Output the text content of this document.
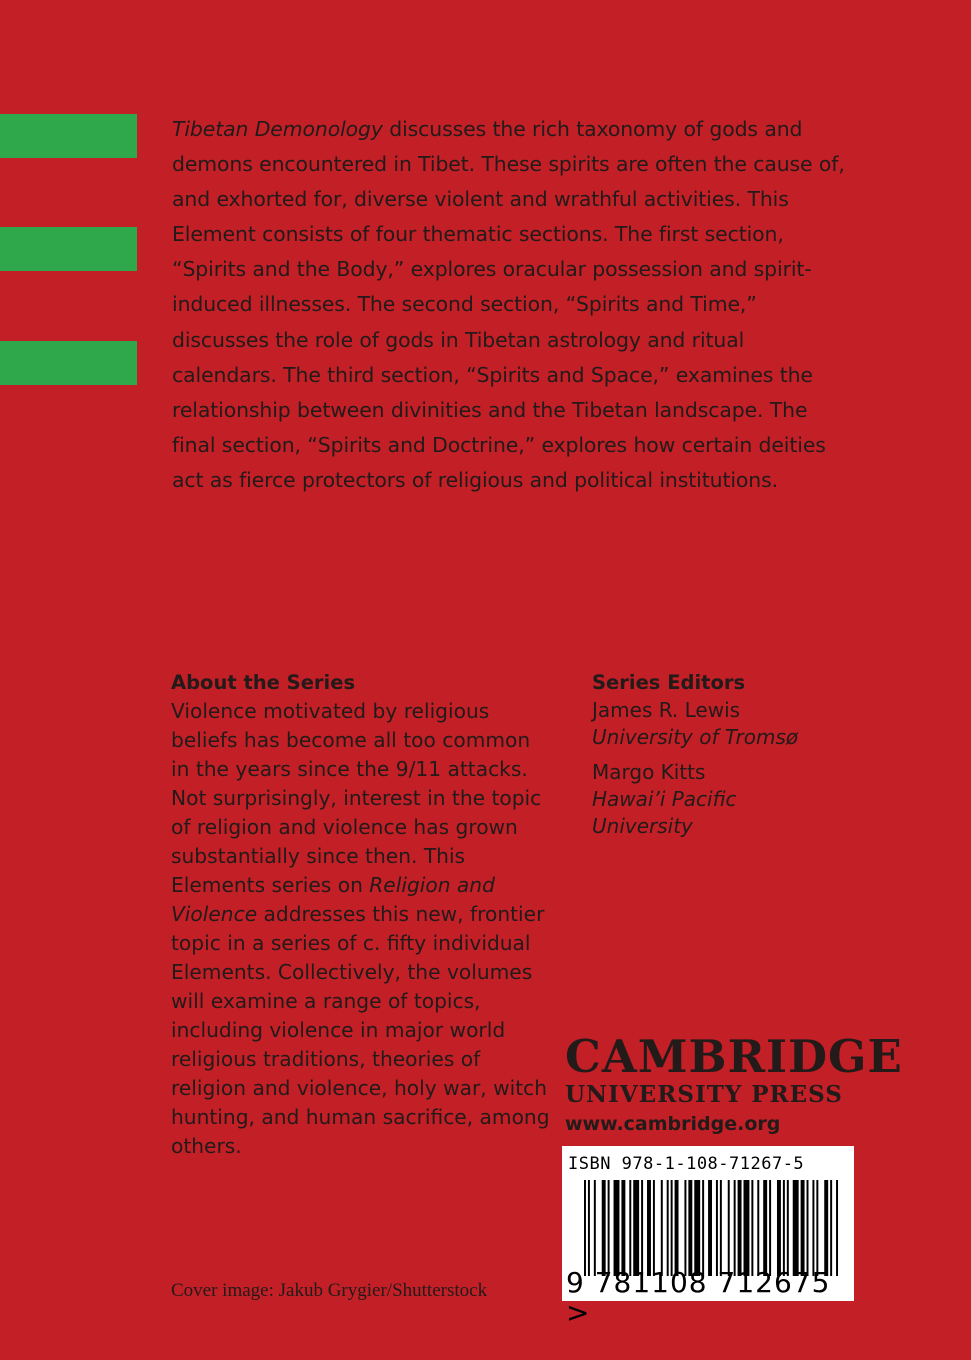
Tibetan Demonology discusses the rich taxonomy of gods and demons encountered in Tibet. These spirits are often the cause of, and exhorted for, diverse violent and wrathful activities. This Element consists of four thematic sections. The first section, “Spirits and the Body,” explores oracular possession and spirit-induced illnesses. The second section, “Spirits and Time,” discusses the role of gods in Tibetan astrology and ritual calendars. The third section, “Spirits and Space,” examines the relationship between divinities and the Tibetan landscape. The final section, “Spirits and Doctrine,” explores how certain deities act as fierce protectors of religious and political institutions.

About the Series

Violence motivated by religious beliefs has become all too common in the years since the 9/11 attacks. Not surprisingly, interest in the topic of religion and violence has grown substantially since then. This Elements series on Religion and Violence addresses this new, frontier topic in a series of c. fifty individual Elements. Collectively, the volumes will examine a range of topics, including violence in major world religious traditions, theories of religion and violence, holy war, witch hunting, and human sacrifice, among others.

Series Editors
James R. Lewis
University of Tromsø
Margo Kitts
Hawai’i Pacific University
CAMBRIDGE
UNIVERSITY PRESS
www.cambridge.org
ISBN 978-1-108-71267-5
9 781108 712675 >
Cover image: Jakub Grygier/Shutterstock
